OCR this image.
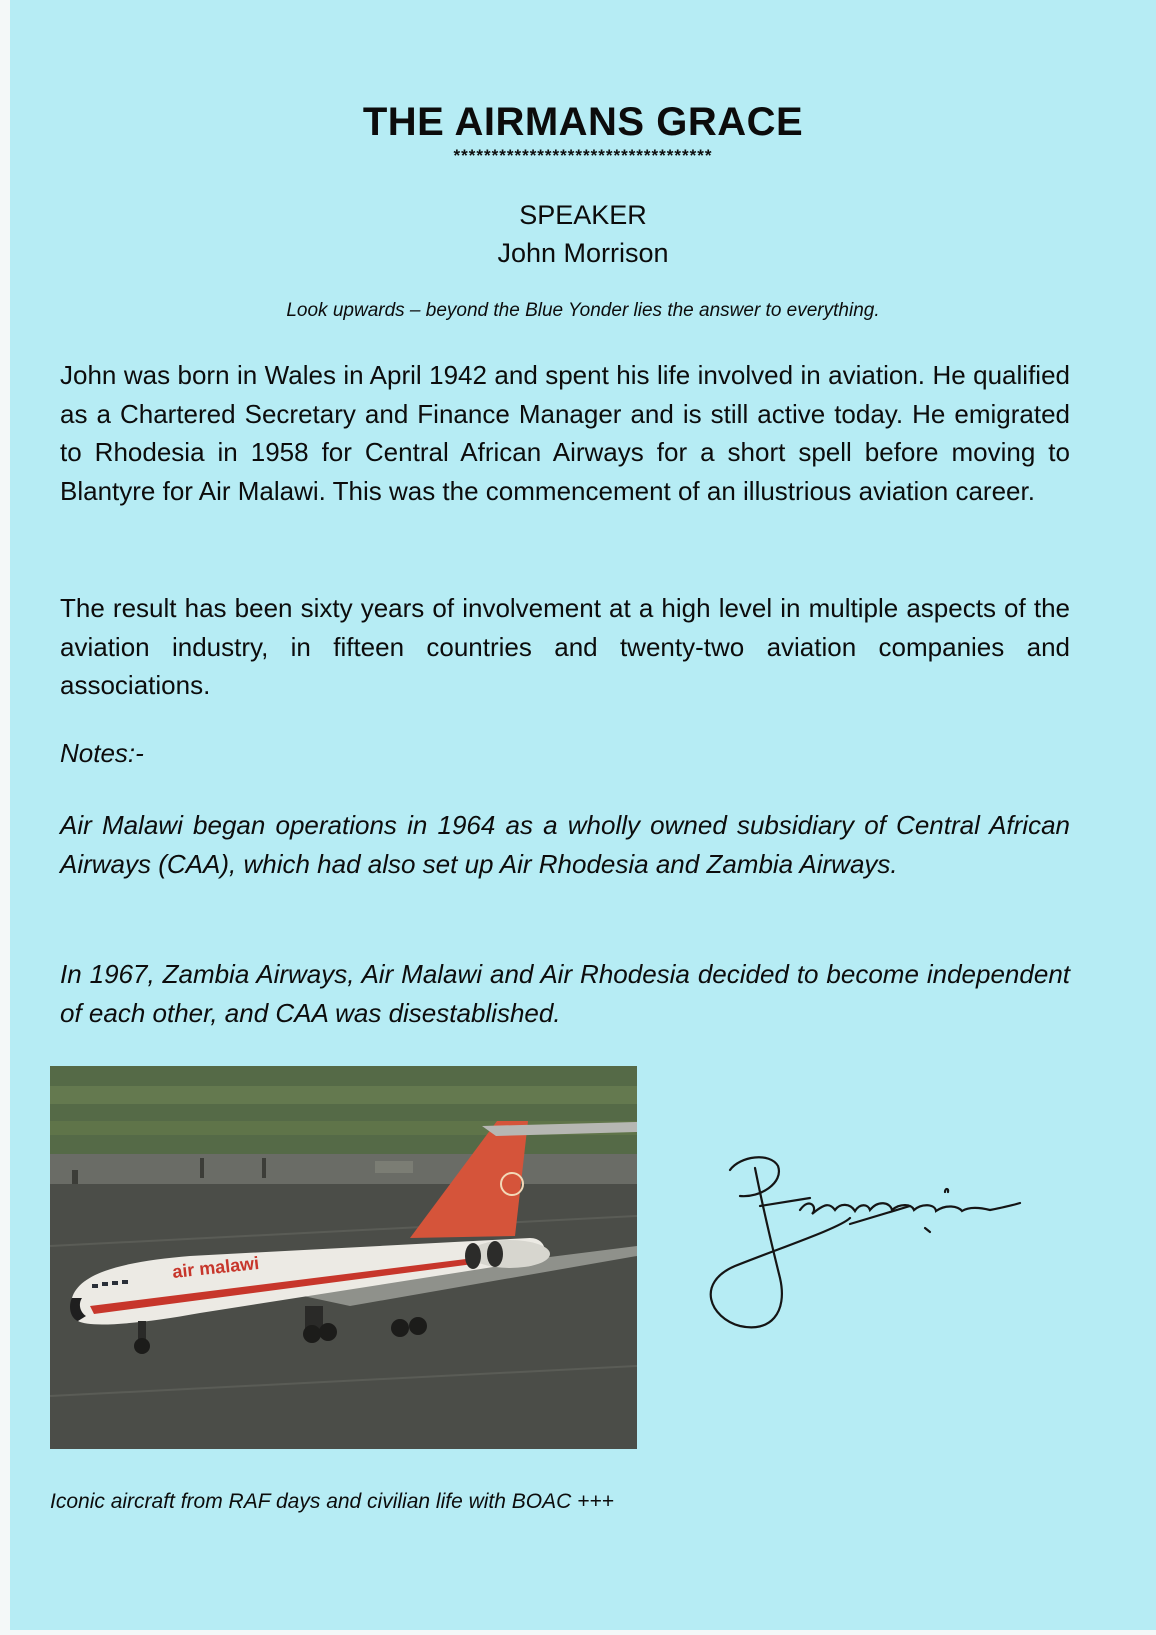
THE AIRMANS GRACE
**********************************
SPEAKER
John Morrison
Look upwards – beyond the Blue Yonder lies the answer to everything.

John was born in Wales in April 1942 and spent his life involved in aviation. He qualified as a Chartered Secretary and Finance Manager and is still active today. He emigrated to Rhodesia in 1958 for Central African Airways for a short spell before moving to Blantyre for Air Malawi. This was the commencement of an illustrious aviation career.

The result has been sixty years of involvement at a high level in multiple aspects of the aviation industry, in fifteen countries and twenty-two aviation companies and associations.

Notes:-

Air Malawi began operations in 1964 as a wholly owned subsidiary of Central African Airways (CAA), which had also set up Air Rhodesia and Zambia Airways.

In 1967, Zambia Airways, Air Malawi and Air Rhodesia decided to become independent of each other, and CAA was disestablished.

air malawi
Iconic aircraft from RAF days and civilian life with BOAC +++
